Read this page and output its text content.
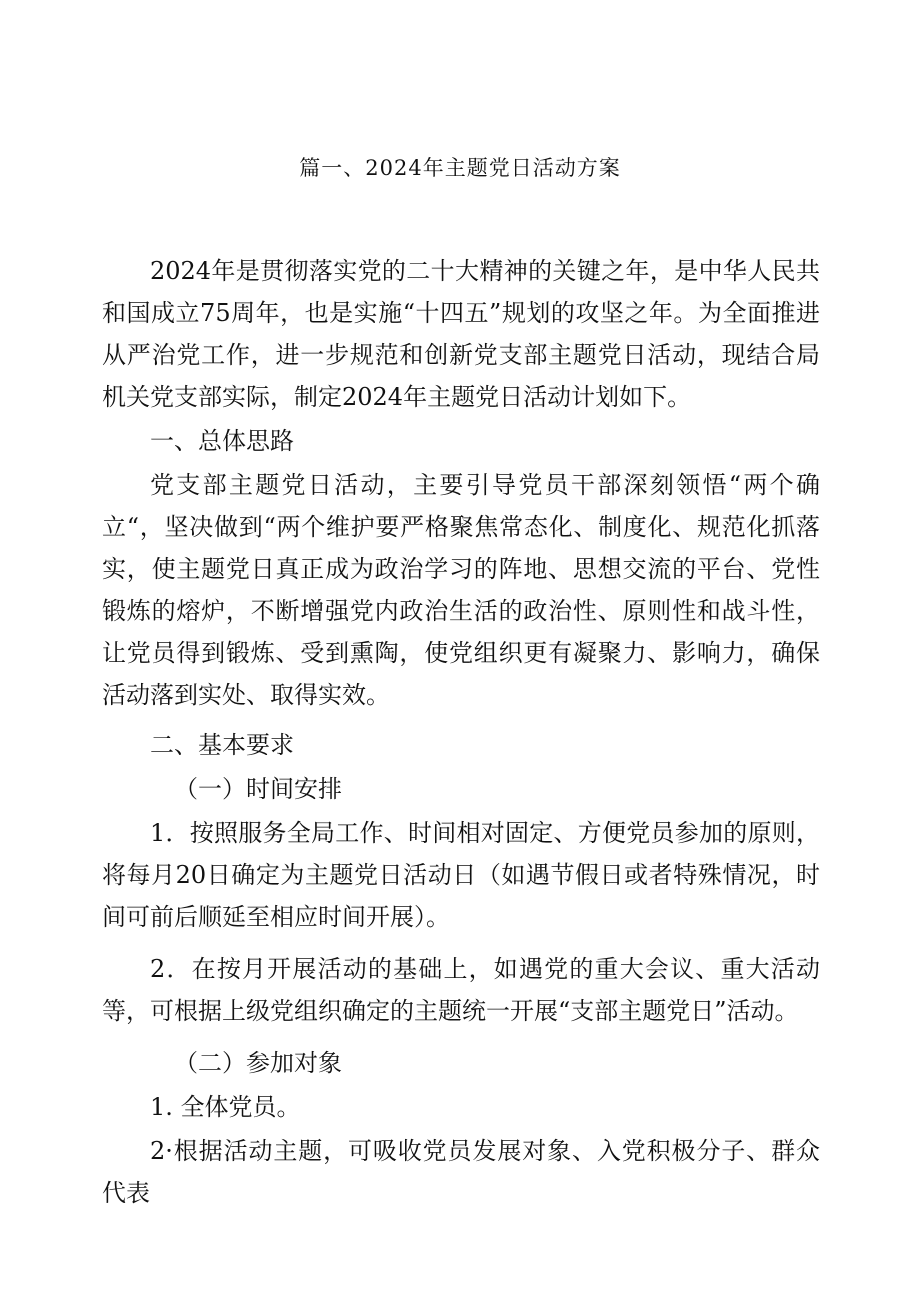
篇一、2024年主题党日活动方案

2024年是贯彻落实党的二十大精神的关键之年，是中华人民共和国成立75周年，也是实施“十四五”规划的攻坚之年。为全面推进从严治党工作，进一步规范和创新党支部主题党日活动，现结合局机关党支部实际，制定2024年主题党日活动计划如下。

一、总体思路

党支部主题党日活动，主要引导党员干部深刻领悟“两个确立“，坚决做到“两个维护要严格聚焦常态化、制度化、规范化抓落实，使主题党日真正成为政治学习的阵地、思想交流的平台、党性锻炼的熔炉，不断增强党内政治生活的政治性、原则性和战斗性，让党员得到锻炼、受到熏陶，使党组织更有凝聚力、影响力，确保活动落到实处、取得实效。

二、基本要求

（一）时间安排

1．按照服务全局工作、时间相对固定、方便党员参加的原则，将每月20日确定为主题党日活动日（如遇节假日或者特殊情况，时间可前后顺延至相应时间开展）。

2．在按月开展活动的基础上，如遇党的重大会议、重大活动等，可根据上级党组织确定的主题统一开展“支部主题党日”活动。

（二）参加对象

1. 全体党员。

2·根据活动主题，可吸收党员发展对象、入党积极分子、群众代表
